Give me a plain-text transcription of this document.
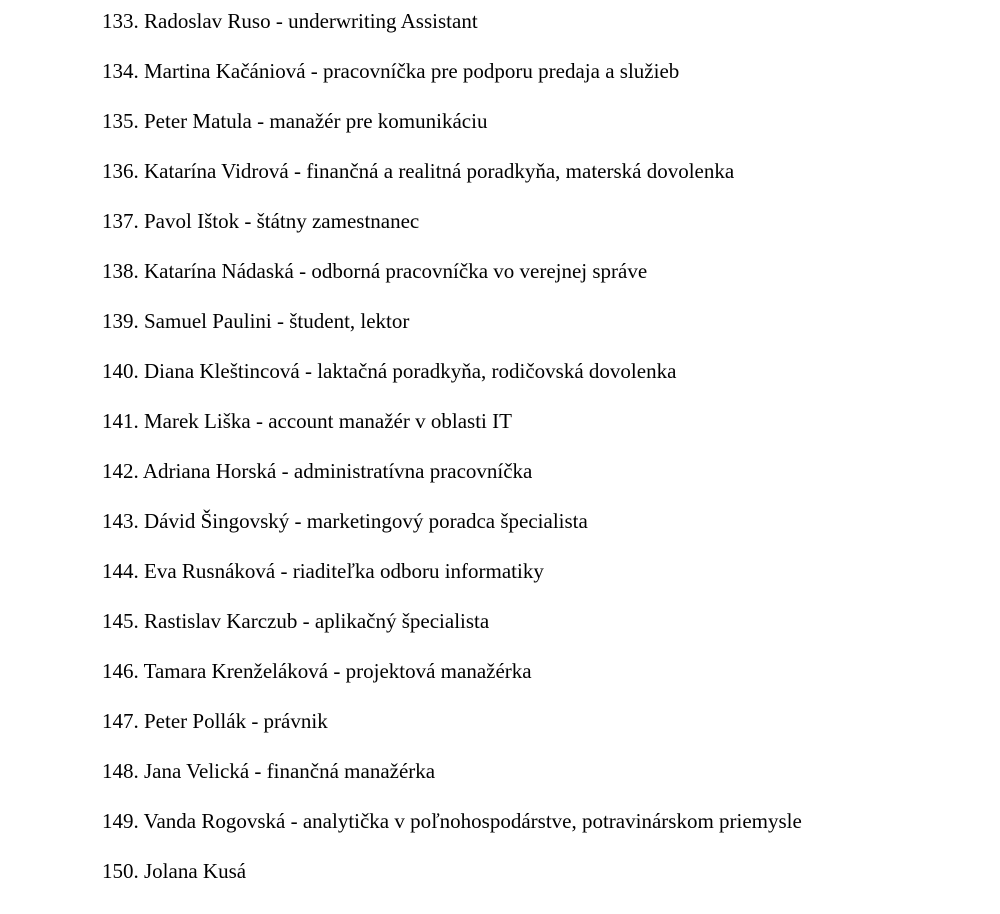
133. Radoslav Ruso - underwriting Assistant

134. Martina Kačániová - pracovníčka pre podporu predaja a služieb

135. Peter Matula - manažér pre komunikáciu

136. Katarína Vidrová - finančná a realitná poradkyňa, materská dovolenka

137. Pavol Ištok - štátny zamestnanec

138. Katarína Nádaská - odborná pracovníčka vo verejnej správe

139. Samuel Paulini - študent, lektor

140. Diana Kleštincová - laktačná poradkyňa, rodičovská dovolenka

141. Marek Liška - account manažér v oblasti IT

142. Adriana Horská - administratívna pracovníčka

143. Dávid Šingovský - marketingový poradca špecialista

144. Eva Rusnáková - riaditeľka odboru informatiky

145. Rastislav Karczub - aplikačný špecialista

146. Tamara Krenželáková - projektová manažérka

147. Peter Pollák - právnik

148. Jana Velická - finančná manažérka

149. Vanda Rogovská - analytička v poľnohospodárstve, potravinárskom priemysle

150. Jolana Kusá
